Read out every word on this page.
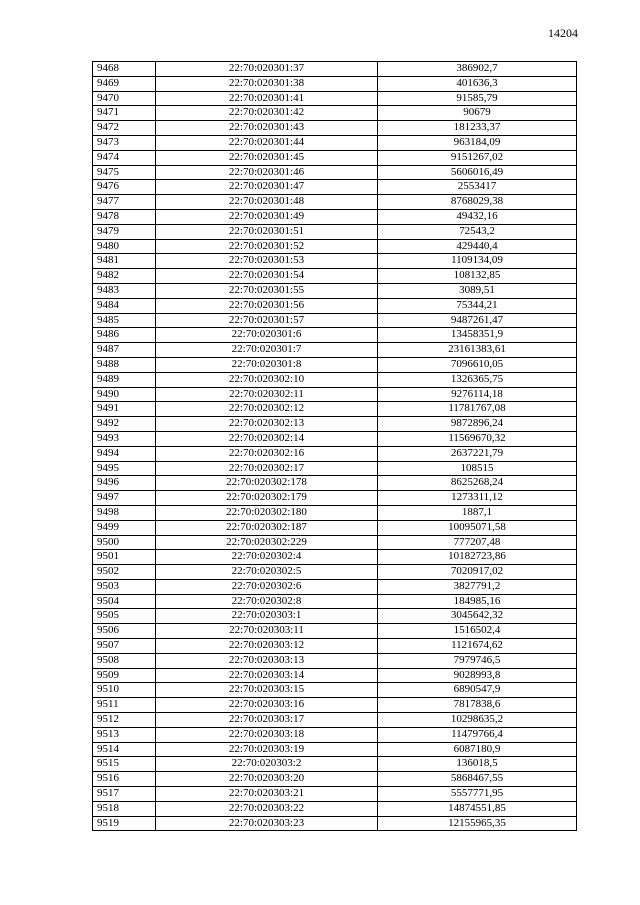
14204
9468	22:70:020301:37	386902,7
9469	22:70:020301:38	401636,3
9470	22:70:020301:41	91585,79
9471	22:70:020301:42	90679
9472	22:70:020301:43	181233,37
9473	22:70:020301:44	963184,09
9474	22:70:020301:45	9151267,02
9475	22:70:020301:46	5606016,49
9476	22:70:020301:47	2553417
9477	22:70:020301:48	8768029,38
9478	22:70:020301:49	49432,16
9479	22:70:020301:51	72543,2
9480	22:70:020301:52	429440,4
9481	22:70:020301:53	1109134,09
9482	22:70:020301:54	108132,85
9483	22:70:020301:55	3089,51
9484	22:70:020301:56	75344,21
9485	22:70:020301:57	9487261,47
9486	22:70:020301:6	13458351,9
9487	22:70:020301:7	23161383,61
9488	22:70:020301:8	7096610,05
9489	22:70:020302:10	1326365,75
9490	22:70:020302:11	9276114,18
9491	22:70:020302:12	11781767,08
9492	22:70:020302:13	9872896,24
9493	22:70:020302:14	11569670,32
9494	22:70:020302:16	2637221,79
9495	22:70:020302:17	108515
9496	22:70:020302:178	8625268,24
9497	22:70:020302:179	1273311,12
9498	22:70:020302:180	1887,1
9499	22:70:020302:187	10095071,58
9500	22:70:020302:229	777207,48
9501	22:70:020302:4	10182723,86
9502	22:70:020302:5	7020917,02
9503	22:70:020302:6	3827791,2
9504	22:70:020302:8	184985,16
9505	22:70:020303:1	3045642,32
9506	22:70:020303:11	1516502,4
9507	22:70:020303:12	1121674,62
9508	22:70:020303:13	7979746,5
9509	22:70:020303:14	9028993,8
9510	22:70:020303:15	6890547,9
9511	22:70:020303:16	7817838,6
9512	22:70:020303:17	10298635,2
9513	22:70:020303:18	11479766,4
9514	22:70:020303:19	6087180,9
9515	22:70:020303:2	136018,5
9516	22:70:020303:20	5868467,55
9517	22:70:020303:21	5557771,95
9518	22:70:020303:22	14874551,85
9519	22:70:020303:23	12155965,35
